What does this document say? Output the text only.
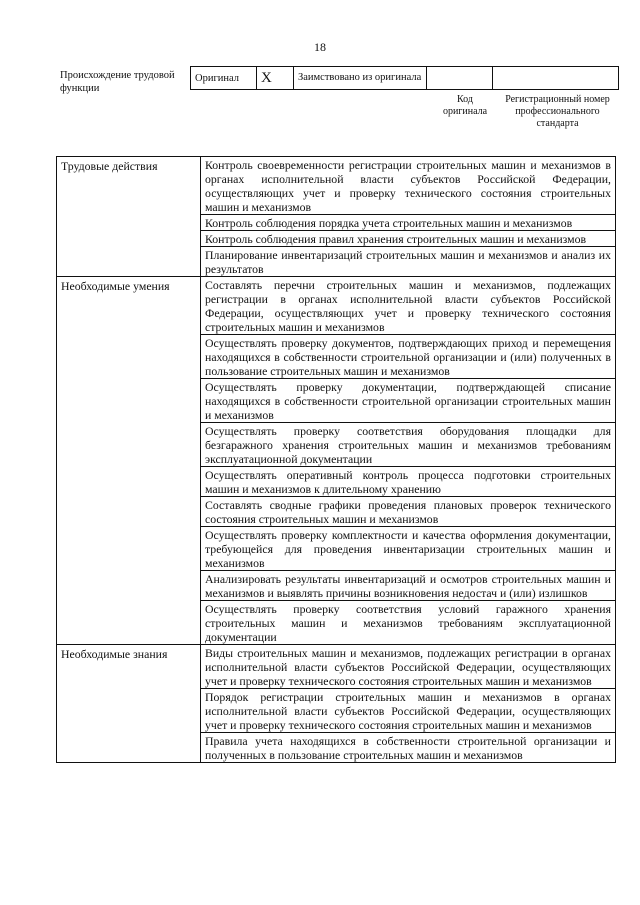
18
Происхождение трудовой функции
Оригинал	X	Заимствовано из оригинала		
Код оригинала
Регистрационный номер профессионального стандарта
Трудовые действия	Контроль своевременности регистрации строительных машин и механизмов в органах исполнительной власти субъектов Российской Федерации, осуществляющих учет и проверку технического состояния строительных машин и механизмов
	Контроль соблюдения порядка учета строительных машин и механизмов
	Контроль соблюдения правил хранения строительных машин и механизмов
	Планирование инвентаризаций строительных машин и механизмов и анализ их результатов
Необходимые умения	Составлять перечни строительных машин и механизмов, подлежащих регистрации в органах исполнительной власти субъектов Российской Федерации, осуществляющих учет и проверку технического состояния строительных машин и механизмов
	Осуществлять проверку документов, подтверждающих приход и перемещения находящихся в собственности строительной организации и (или) полученных в пользование строительных машин и механизмов
	Осуществлять проверку документации, подтверждающей списание находящихся в собственности строительной организации строительных машин и механизмов
	Осуществлять проверку соответствия оборудования площадки для безгаражного хранения строительных машин и механизмов требованиям эксплуатационной документации
	Осуществлять оперативный контроль процесса подготовки строительных машин и механизмов к длительному хранению
	Составлять сводные графики проведения плановых проверок технического состояния строительных машин и механизмов
	Осуществлять проверку комплектности и качества оформления документации, требующейся для проведения инвентаризации строительных машин и механизмов
	Анализировать результаты инвентаризаций и осмотров строительных машин и механизмов и выявлять причины возникновения недостач и (или) излишков
	Осуществлять проверку соответствия условий гаражного хранения строительных машин и механизмов требованиям эксплуатационной документации
Необходимые знания	Виды строительных машин и механизмов, подлежащих регистрации в органах исполнительной власти субъектов Российской Федерации, осуществляющих учет и проверку технического состояния строительных машин и механизмов
	Порядок регистрации строительных машин и механизмов в органах исполнительной власти субъектов Российской Федерации, осуществляющих учет и проверку технического состояния строительных машин и механизмов
	Правила учета находящихся в собственности строительной организации и полученных в пользование строительных машин и механизмов
